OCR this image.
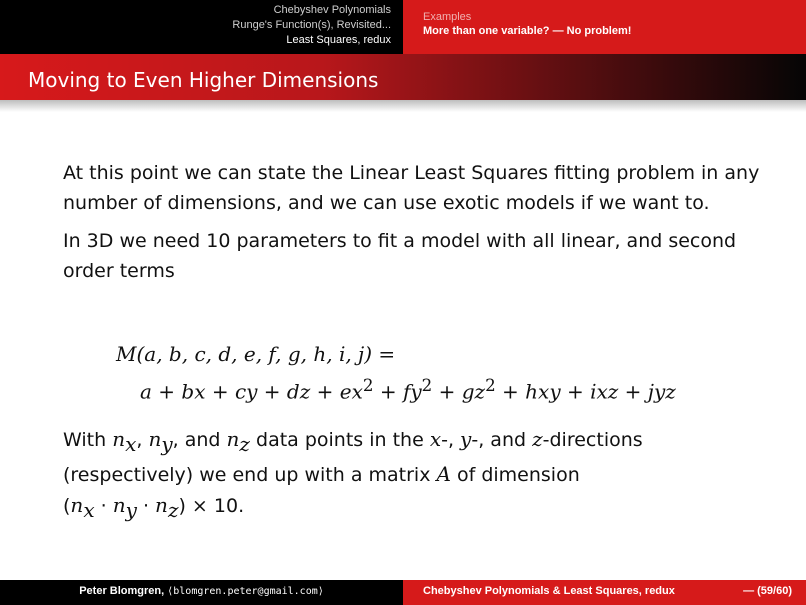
Chebyshev Polynomials
Runge's Function(s), Revisited...
Least Squares, redux
Examples
More than one variable? — No problem!
Moving to Even Higher Dimensions

At this point we can state the Linear Least Squares fitting problem in any number of dimensions, and we can use exotic models if we want to.

In 3D we need 10 parameters to fit a model with all linear, and second order terms

M(a, b, c, d, e, f, g, h, i, j) =
a + bx + cy + dz + $ex^2 + fy^2 + gz^2$ + hxy + ixz + jyz

With $n_x$, $n_y$, and $n_z$ data points in the x-, y-, and z-directions (respectively) we end up with a matrix A of dimension
$(n_x \cdot n_y \cdot n_z) \times 10$.

Peter Blomgren, ⟨blomgren.peter@gmail.com⟩	Chebyshev Polynomials & Least Squares, redux	— (59/60)
